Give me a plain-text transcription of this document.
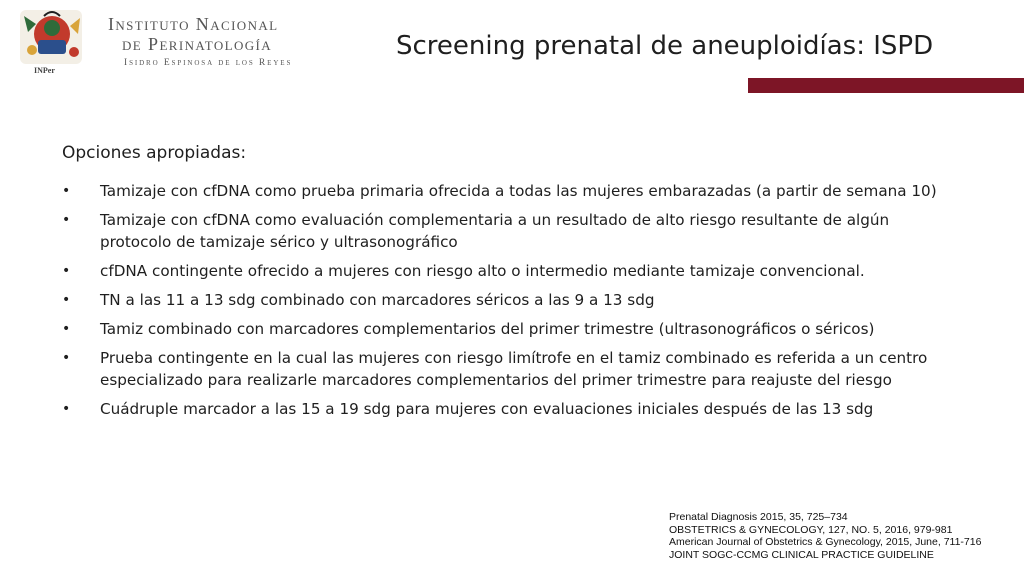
INPer
Instituto Nacional
de Perinatología
Isidro Espinosa de los Reyes
Screening prenatal de aneuploidías: ISPD
Opciones apropiadas:
•	Tamizaje con cfDNA como prueba primaria ofrecida a todas las mujeres embarazadas (a partir de semana 10)
•	Tamizaje con cfDNA como evaluación complementaria a un resultado de alto riesgo resultante de algún protocolo de tamizaje sérico y ultrasonográfico
•	cfDNA contingente ofrecido a mujeres con riesgo alto o intermedio mediante tamizaje convencional.
•	TN a las 11 a 13 sdg combinado con marcadores séricos a las 9 a 13 sdg
•	Tamiz combinado con marcadores complementarios del primer trimestre (ultrasonográficos o séricos)
•	Prueba contingente en la cual las mujeres con riesgo limítrofe en el tamiz combinado es referida a un centro especializado para realizarle marcadores complementarios del primer trimestre para reajuste del riesgo
•	Cuádruple marcador a las 15 a 19 sdg para mujeres con evaluaciones iniciales después de las 13 sdg
Prenatal Diagnosis 2015, 35, 725–734
OBSTETRICS & GYNECOLOGY, 127, NO. 5, 2016, 979-981
American Journal of Obstetrics & Gynecology, 2015, June, 711-716
JOINT SOGC-CCMG CLINICAL PRACTICE GUIDELINE
